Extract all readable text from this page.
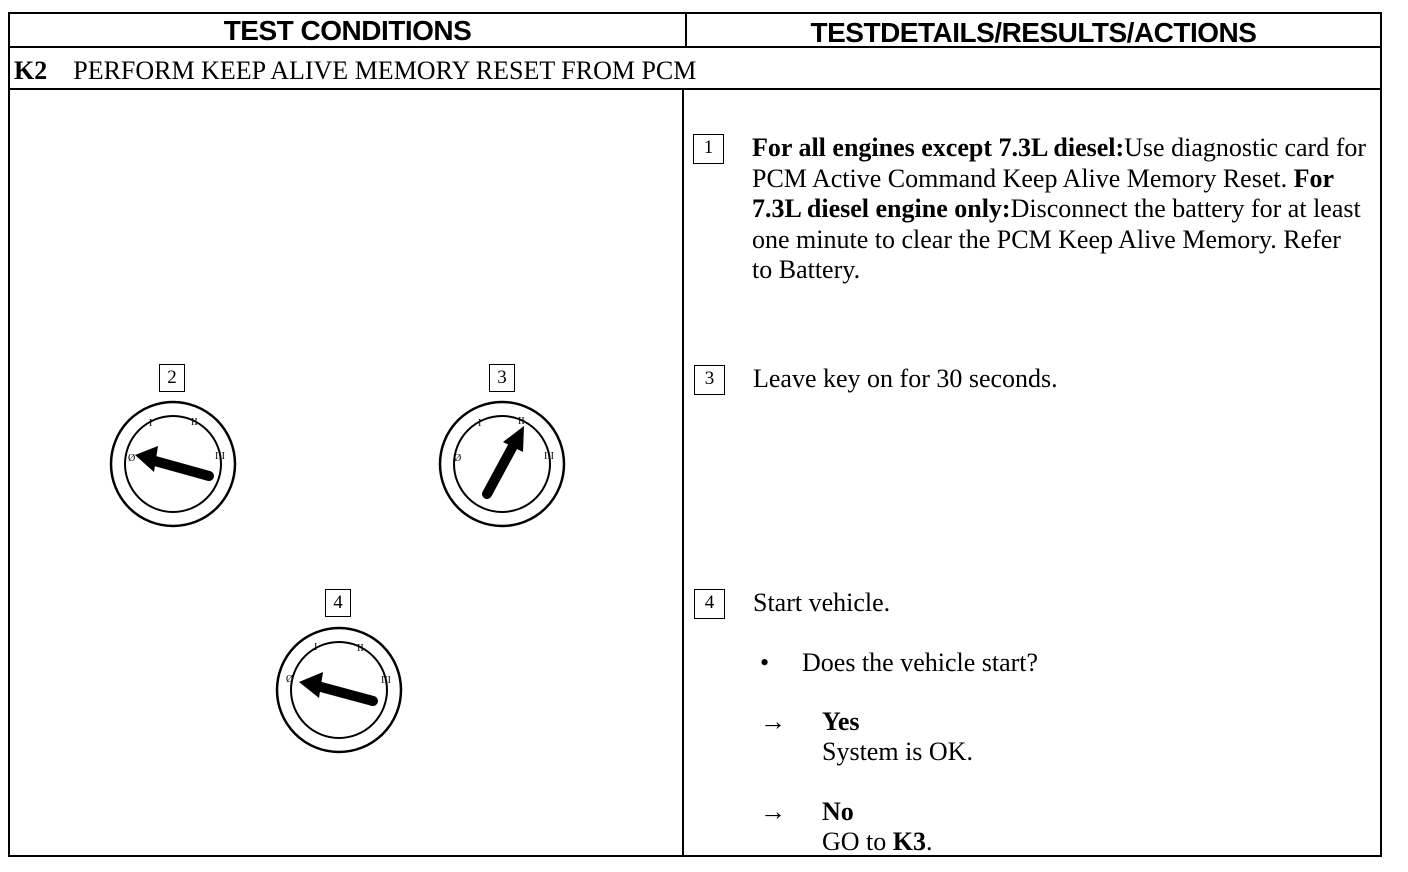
TEST CONDITIONS	TESTDETAILS/RESULTS/ACTIONS
K2 PERFORM KEEP ALIVE MEMORY RESET FROM PCM
2	3
4
Ø
I	II
III	Ø
I	II
III
Ø
I	II
III
1	For all engines except 7.3L diesel:Use diagnostic card for PCM Active Command Keep Alive Memory Reset. For 7.3L diesel engine only:Disconnect the battery for at least one minute to clear the PCM Keep Alive Memory. Refer to Battery.
3	Leave key on for 30 seconds.
4	Start vehicle.
• Does the vehicle start?
→ Yes
System is OK.
→ No
GO to K3.
